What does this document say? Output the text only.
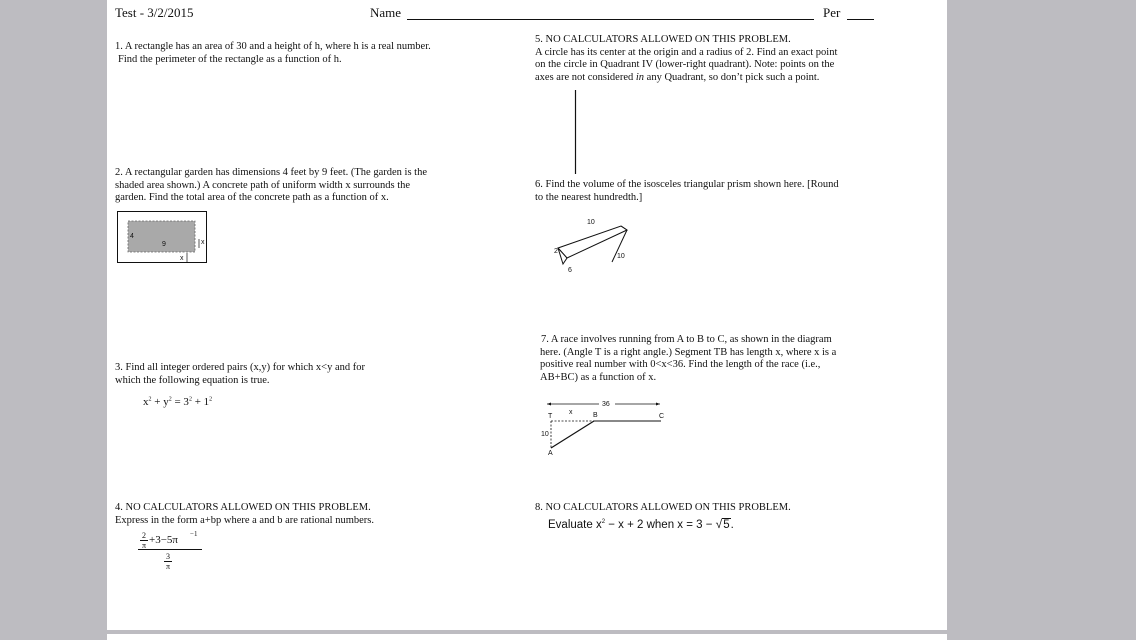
Test - 3/2/2015	Name	Per
1. A rectangle has an area of 30 and a height of h, where h is a real number.
Find the perimeter of the rectangle as a function of h.
2. A rectangular garden has dimensions 4 feet by 9 feet. (The garden is the
shaded area shown.) A concrete path of uniform width x surrounds the
garden. Find the total area of the concrete path as a function of x.
4
9	x
x
3. Find all integer ordered pairs (x,y) for which x<y and for
which the following equation is true.
$x^2 + y^2 = 3^2 + 1^2$
4. NO CALCULATORS ALLOWED ON THIS PROBLEM.
Express in the form a+bp where a and b are rational numbers.
$\frac{2}{\pi} +3-5\pi -1$
$\frac{3}{\pi}$
5. NO CALCULATORS ALLOWED ON THIS PROBLEM.
A circle has its center at the origin and a radius of 2. Find an exact point
on the circle in Quadrant IV (lower-right quadrant). Note: points on the
axes are not considered in any Quadrant, so don’t pick such a point.
6. Find the volume of the isosceles triangular prism shown here. [Round
to the nearest hundredth.]
10
2
6
10
7. A race involves running from A to B to C, as shown in the diagram
here. (Angle T is a right angle.) Segment TB has length x, where x is a
positive real number with 0<x<36. Find the length of the race (i.e.,
AB+BC) as a function of x.
36
T
x	B	C
10
A
8. NO CALCULATORS ALLOWED ON THIS PROBLEM.
Evaluate $x^2 - x + 2$ when x = 3 − √5.
